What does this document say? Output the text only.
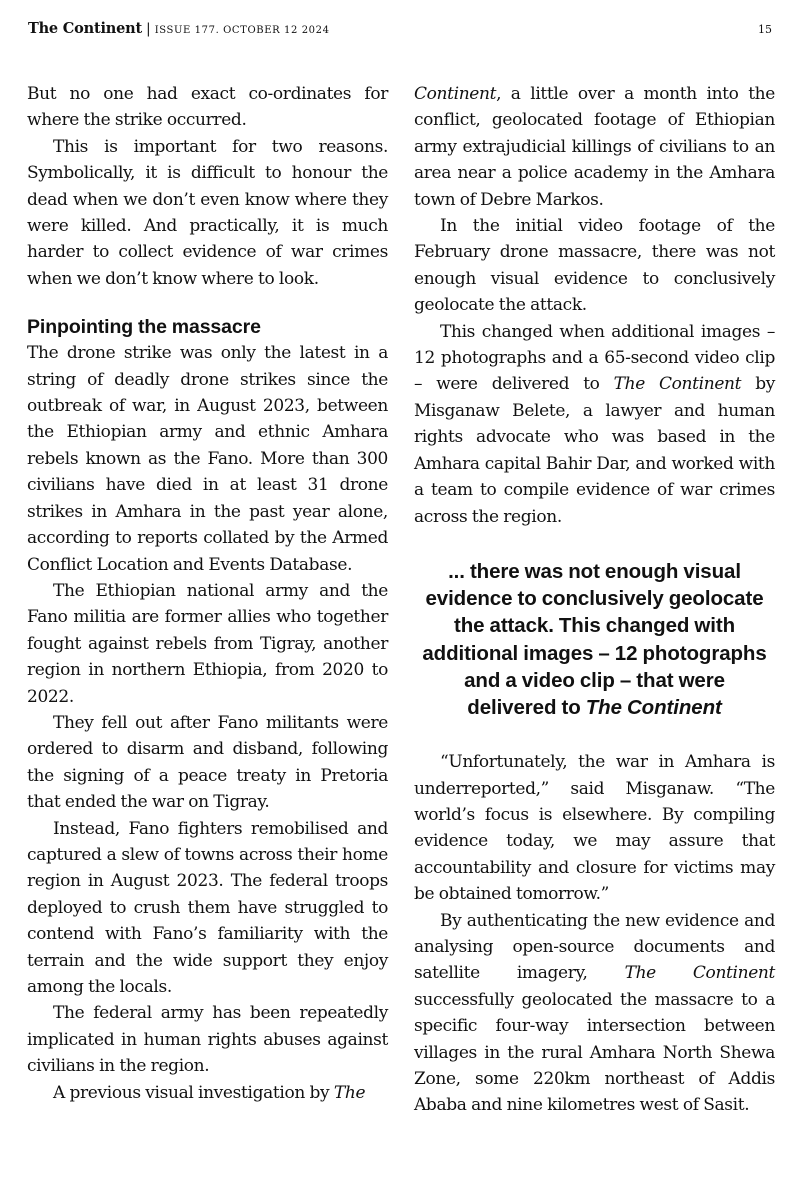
The Continent | ISSUE 177. OCTOBER 12 2024	15

But no one had exact co-ordinates for where the strike occurred.

This is important for two reasons. Symbolically, it is difficult to honour the dead when we don’t even know where they were killed. And practically, it is much harder to collect evidence of war crimes when we don’t know where to look.

Pinpointing the massacre

The drone strike was only the latest in a string of deadly drone strikes since the outbreak of war, in August 2023, between the Ethiopian army and ethnic Amhara rebels known as the Fano. More than 300 civilians have died in at least 31 drone strikes in Amhara in the past year alone, according to reports collated by the Armed Conflict Location and Events Database.

The Ethiopian national army and the Fano militia are former allies who together fought against rebels from Tigray, another region in northern Ethiopia, from 2020 to 2022.

They fell out after Fano militants were ordered to disarm and disband, following the signing of a peace treaty in Pretoria that ended the war on Tigray.

Instead, Fano fighters remobilised and captured a slew of towns across their home region in August 2023. The federal troops deployed to crush them have struggled to contend with Fano’s familiarity with the terrain and the wide support they enjoy among the locals.

The federal army has been repeatedly implicated in human rights abuses against civilians in the region.

A previous visual investigation by The

Continent, a little over a month into the conflict, geolocated footage of Ethiopian army extrajudicial killings of civilians to an area near a police academy in the Amhara town of Debre Markos.

In the initial video footage of the February drone massacre, there was not enough visual evidence to conclusively geolocate the attack.

This changed when additional images – 12 photographs and a 65-second video clip – were delivered to The Continent by Misganaw Belete, a lawyer and human rights advocate who was based in the Amhara capital Bahir Dar, and worked with a team to compile evidence of war crimes across the region.

... there was not enough visual evidence to conclusively geolocate the attack. This changed with additional images – 12 photographs and a video clip – that were delivered to The Continent

“Unfortunately, the war in Amhara is underreported,” said Misganaw. “The world’s focus is elsewhere. By compiling evidence today, we may assure that accountability and closure for victims may be obtained tomorrow.”

By authenticating the new evidence and analysing open-source documents and satellite imagery, The Continent successfully geolocated the massacre to a specific four-way intersection between villages in the rural Amhara North Shewa Zone, some 220km northeast of Addis Ababa and nine kilometres west of Sasit.
